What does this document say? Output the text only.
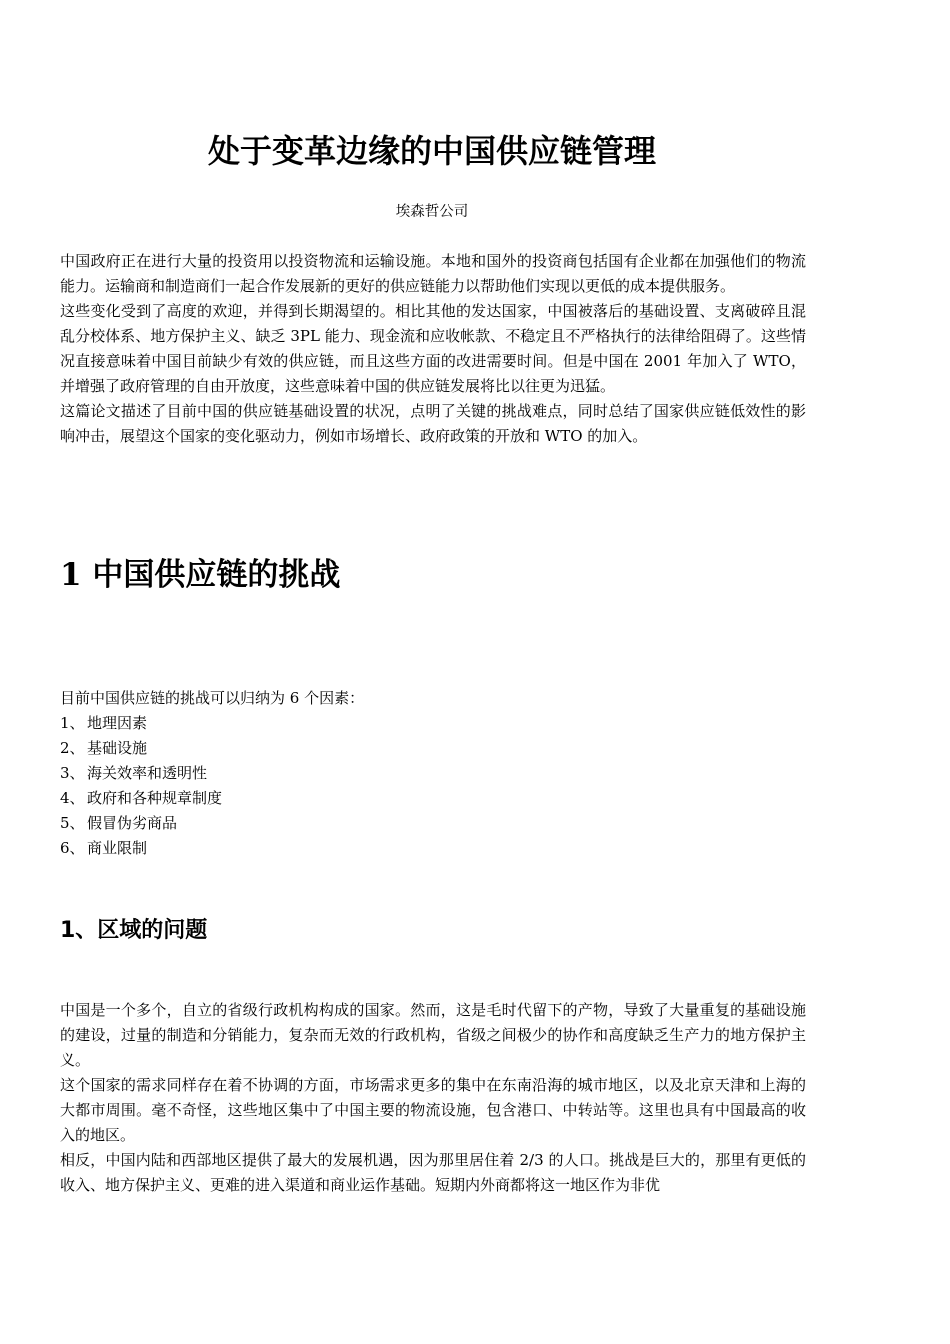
处于变革边缘的中国供应链管理
埃森哲公司

中国政府正在进行大量的投资用以投资物流和运输设施。本地和国外的投资商包括国有企业都在加强他们的物流能力。运输商和制造商们一起合作发展新的更好的供应链能力以帮助他们实现以更低的成本提供服务。

这些变化受到了高度的欢迎，并得到长期渴望的。相比其他的发达国家，中国被落后的基础设置、支离破碎且混乱分校体系、地方保护主义、缺乏 3PL 能力、现金流和应收帐款、不稳定且不严格执行的法律给阻碍了。这些情况直接意味着中国目前缺少有效的供应链，而且这些方面的改进需要时间。但是中国在 2001 年加入了 WTO，并增强了政府管理的自由开放度，这些意味着中国的供应链发展将比以往更为迅猛。

这篇论文描述了目前中国的供应链基础设置的状况，点明了关键的挑战难点，同时总结了国家供应链低效性的影响冲击，展望这个国家的变化驱动力，例如市场增长、政府政策的开放和 WTO 的加入。

1 中国供应链的挑战

目前中国供应链的挑战可以归纳为 6 个因素：

1、 地理因素
2、 基础设施
3、 海关效率和透明性
4、 政府和各种规章制度
5、 假冒伪劣商品
6、 商业限制
1、区域的问题

中国是一个多个，自立的省级行政机构构成的国家。然而，这是毛时代留下的产物，导致了大量重复的基础设施的建设，过量的制造和分销能力，复杂而无效的行政机构，省级之间极少的协作和高度缺乏生产力的地方保护主义。

这个国家的需求同样存在着不协调的方面，市场需求更多的集中在东南沿海的城市地区，以及北京天津和上海的大都市周围。毫不奇怪，这些地区集中了中国主要的物流设施，包含港口、中转站等。这里也具有中国最高的收入的地区。

相反，中国内陆和西部地区提供了最大的发展机遇，因为那里居住着 2/3 的人口。挑战是巨大的，那里有更低的收入、地方保护主义、更难的进入渠道和商业运作基础。短期内外商都将这一地区作为非优
